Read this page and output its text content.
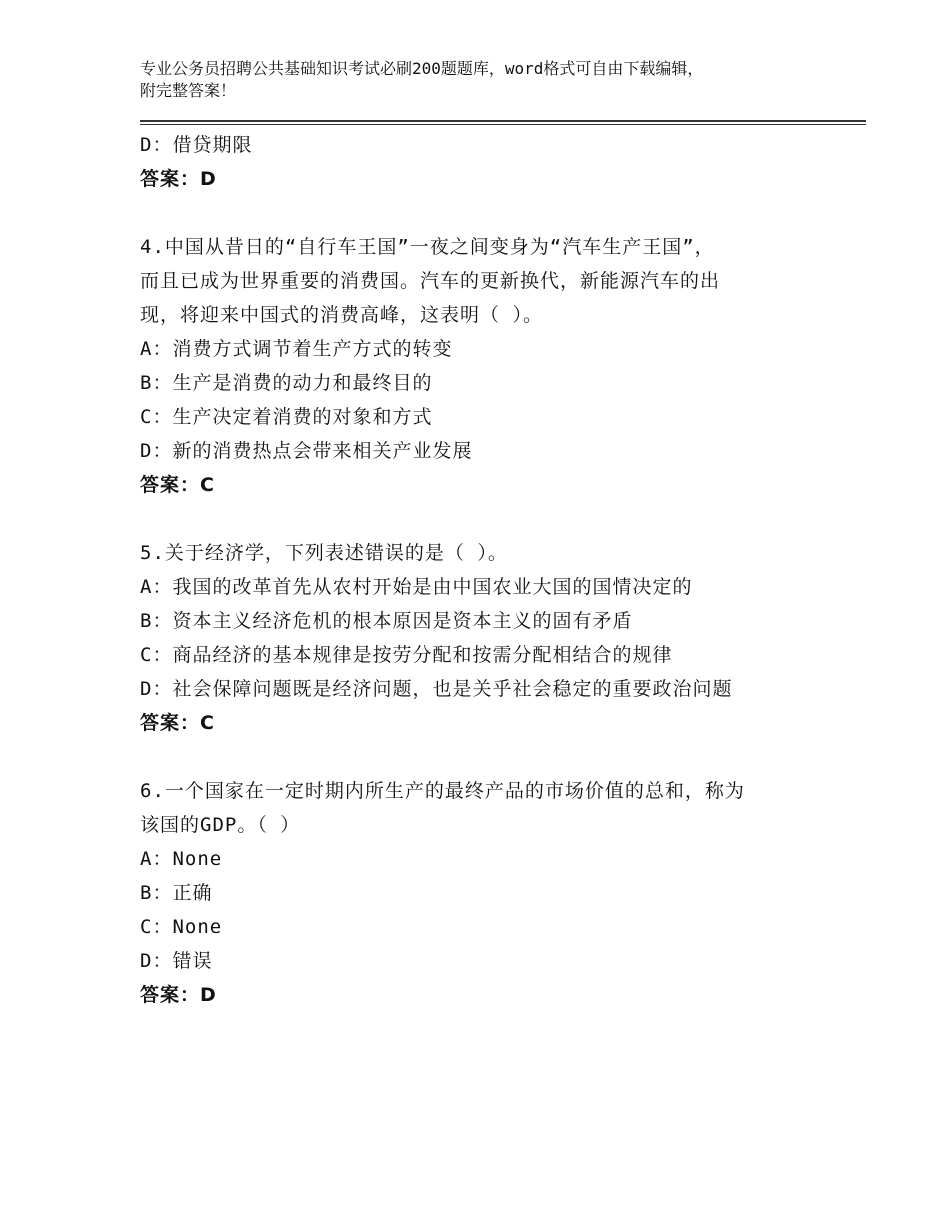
专业公务员招聘公共基础知识考试必刷200题题库，word格式可自由下载编辑，
附完整答案！
D：借贷期限
答案：D
4.中国从昔日的“自行车王国”一夜之间变身为“汽车生产王国”，
而且已成为世界重要的消费国。汽车的更新换代，新能源汽车的出
现，将迎来中国式的消费高峰，这表明（ ）。
A：消费方式调节着生产方式的转变
B：生产是消费的动力和最终目的
C：生产决定着消费的对象和方式
D：新的消费热点会带来相关产业发展
答案：C
5.关于经济学，下列表述错误的是（ ）。
A：我国的改革首先从农村开始是由中国农业大国的国情决定的
B：资本主义经济危机的根本原因是资本主义的固有矛盾
C：商品经济的基本规律是按劳分配和按需分配相结合的规律
D：社会保障问题既是经济问题，也是关乎社会稳定的重要政治问题
答案：C
6.一个国家在一定时期内所生产的最终产品的市场价值的总和，称为
该国的GDP。（ ）
A：None
B：正确
C：None
D：错误
答案：D
